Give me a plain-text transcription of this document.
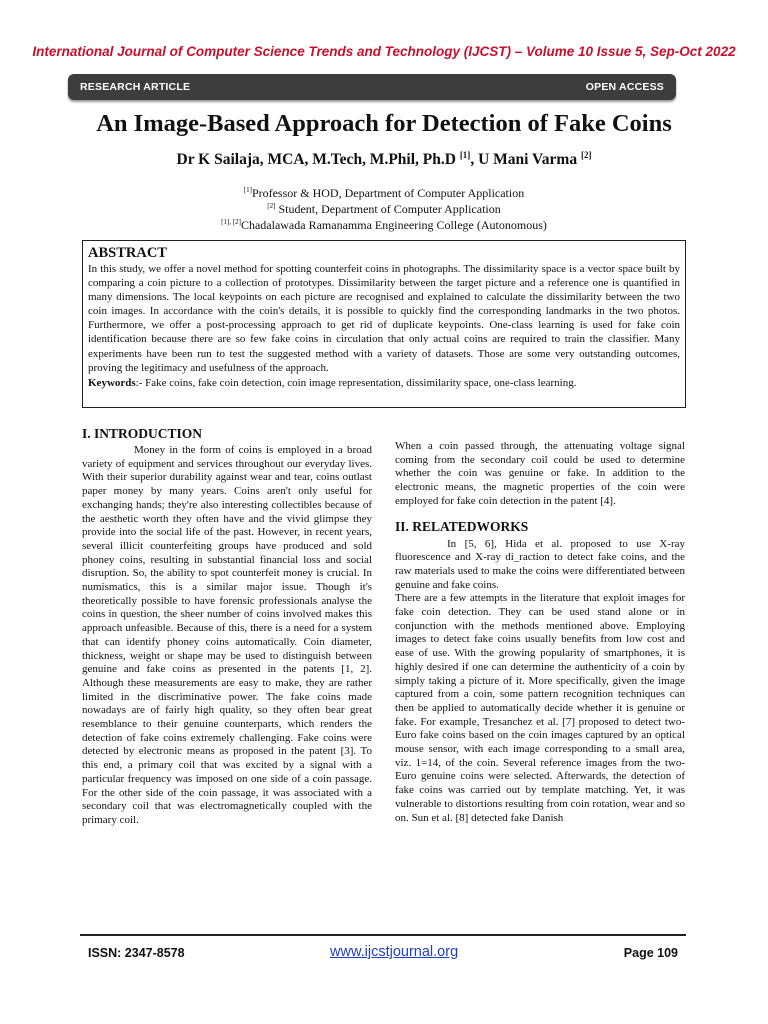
International Journal of Computer Science Trends and Technology (IJCST) – Volume 10 Issue 5, Sep-Oct 2022
RESEARCH ARTICLE	OPEN ACCESS
An Image-Based Approach for Detection of Fake Coins
Dr K Sailaja, MCA, M.Tech, M.Phil, Ph.D [1], U Mani Varma [2]
[1]Professor & HOD, Department of Computer Application
[2] Student, Department of Computer Application
[1], [2]Chadalawada Ramanamma Engineering College (Autonomous)
ABSTRACT
In this study, we offer a novel method for spotting counterfeit coins in photographs. The dissimilarity space is a vector space built by comparing a coin picture to a collection of prototypes. Dissimilarity between the target picture and a reference one is quantified in many dimensions. The local keypoints on each picture are recognised and explained to calculate the dissimilarity between the two coin images. In accordance with the coin's details, it is possible to quickly find the corresponding landmarks in the two photos. Furthermore, we offer a post-processing approach to get rid of duplicate keypoints. One-class learning is used for fake coin identification because there are so few fake coins in circulation that only actual coins are required to train the classifier. Many experiments have been run to test the suggested method with a variety of datasets. Those are some very outstanding outcomes, proving the legitimacy and usefulness of the approach.
Keywords:- Fake coins, fake coin detection, coin image representation, dissimilarity space, one-class learning.
I. INTRODUCTION

Money in the form of coins is employed in a broad variety of equipment and services throughout our everyday lives. With their superior durability against wear and tear, coins outlast paper money by many years. Coins aren't only useful for exchanging hands; they're also interesting collectibles because of the aesthetic worth they often have and the vivid glimpse they provide into the social life of the past. However, in recent years, several illicit counterfeiting groups have produced and sold phoney coins, resulting in substantial financial loss and social disruption. So, the ability to spot counterfeit money is crucial. In numismatics, this is a similar major issue. Though it's theoretically possible to have forensic professionals analyse the coins in question, the sheer number of coins involved makes this approach unfeasible. Because of this, there is a need for a system that can identify phoney coins automatically. Coin diameter, thickness, weight or shape may be used to distinguish between genuine and fake coins as presented in the patents [1, 2]. Although these measurements are easy to make, they are rather limited in the discriminative power. The fake coins made nowadays are of fairly high quality, so they often bear great resemblance to their genuine counterparts, which renders the detection of fake coins extremely challenging. Fake coins were detected by electronic means as proposed in the patent [3]. To this end, a primary coil that was excited by a signal with a particular frequency was imposed on one side of a coin passage. For the other side of the coin passage, it was associated with a secondary coil that was electromagnetically coupled with the primary coil.

When a coin passed through, the attenuating voltage signal coming from the secondary coil could be used to determine whether the coin was genuine or fake. In addition to the electronic means, the magnetic properties of the coin were employed for fake coin detection in the patent [4].

II. RELATEDWORKS

In [5, 6], Hida et al. proposed to use X-ray fluorescence and X-ray di_raction to detect fake coins, and the raw materials used to make the coins were differentiated between genuine and fake coins.

There are a few attempts in the literature that exploit images for fake coin detection. They can be used stand alone or in conjunction with the methods mentioned above. Employing images to detect fake coins usually benefits from low cost and ease of use. With the growing popularity of smartphones, it is highly desired if one can determine the authenticity of a coin by simply taking a picture of it. More specifically, given the image captured from a coin, some pattern recognition techniques can then be applied to automatically decide whether it is genuine or fake. For example, Tresanchez et al. [7] proposed to detect two-Euro fake coins based on the coin images captured by an optical mouse sensor, with each image corresponding to a small area, viz. 1=14, of the coin. Several reference images from the two- Euro genuine coins were selected. Afterwards, the detection of fake coins was carried out by template matching. Yet, it was vulnerable to distortions resulting from coin rotation, wear and so on. Sun et al. [8] detected fake Danish

ISSN: 2347-8578	www.ijcstjournal.org	Page 109
